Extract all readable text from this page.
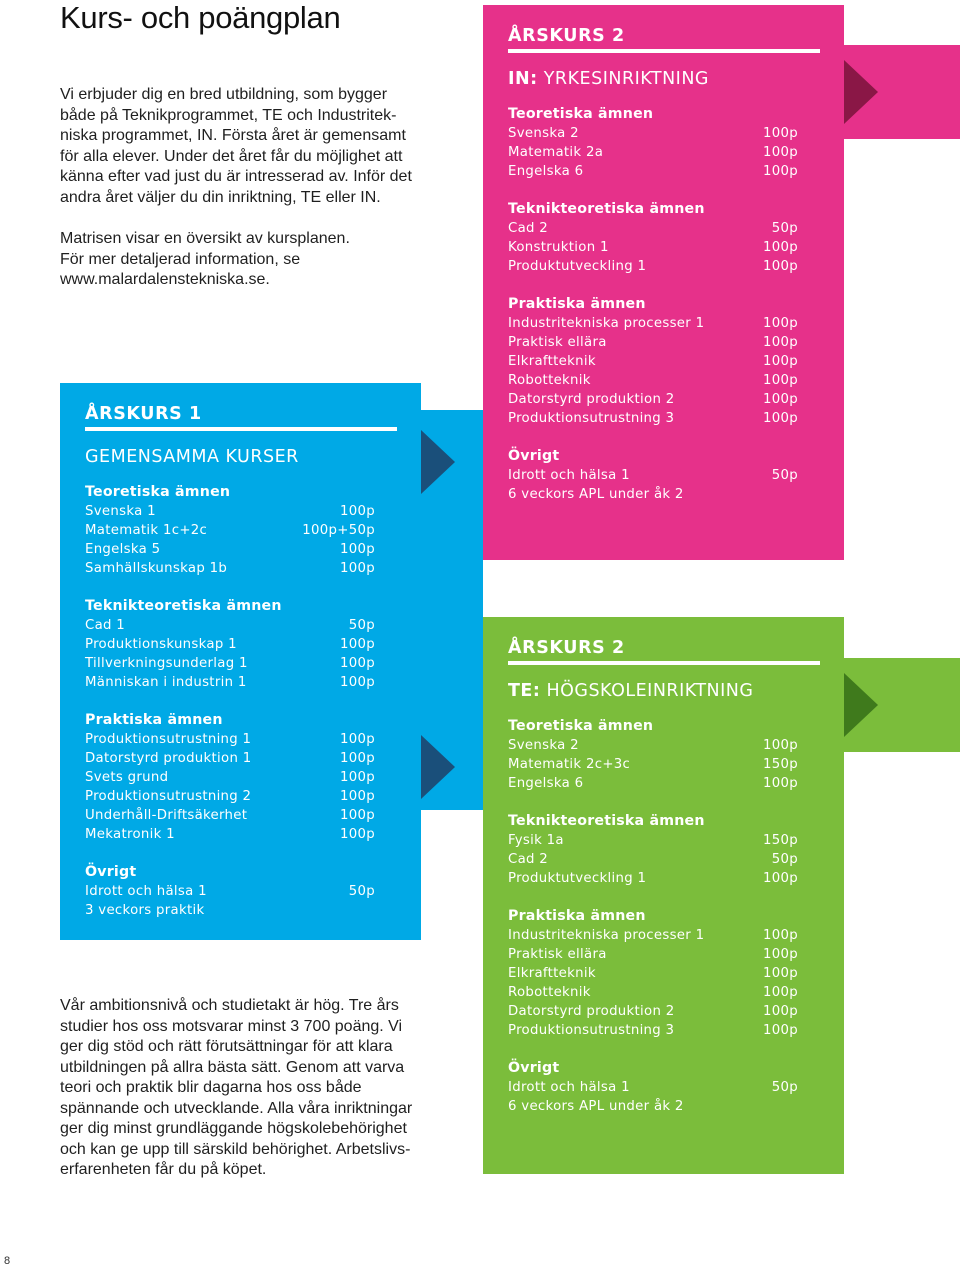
Kurs- och poängplan

Vi erbjuder dig en bred utbildning, som bygger

både på Teknikprogrammet, TE och Industritek-

niska programmet, IN. Första året är gemensamt

för alla elever. Under det året får du möjlighet att

känna efter vad just du är intresserad av. Inför det

andra året väljer du din inriktning, TE eller IN.

Matrisen visar en översikt av kursplanen.

För mer detaljerad information, se

www.malardalenstekniska.se.

ÅRSKURS 1
GEMENSAMMA KURSER
Teoretiska ämnen
Svenska 1	100p
Matematik 1c+2c	100p+50p
Engelska 5	100p
Samhällskunskap 1b	100p
Teknikteoretiska ämnen
Cad 1	50p
Produktionskunskap 1	100p
Tillverkningsunderlag 1	100p
Människan i industrin 1	100p
Praktiska ämnen
Produktionsutrustning 1	100p
Datorstyrd produktion 1	100p
Svets grund	100p
Produktionsutrustning 2	100p
Underhåll-Driftsäkerhet	100p
Mekatronik 1	100p
Övrigt
Idrott och hälsa 1	50p
3 veckors praktik
ÅRSKURS 2
IN: YRKESINRIKTNING
Teoretiska ämnen
Svenska 2	100p
Matematik 2a	100p
Engelska 6	100p
Teknikteoretiska ämnen
Cad 2	50p
Konstruktion 1	100p
Produktutveckling 1	100p
Praktiska ämnen
Industritekniska processer 1	100p
Praktisk ellära	100p
Elkraftteknik	100p
Robotteknik	100p
Datorstyrd produktion 2	100p
Produktionsutrustning 3	100p
Övrigt
Idrott och hälsa 1	50p
6 veckors APL under åk 2
ÅRSKURS 2
TE: HÖGSKOLEINRIKTNING
Teoretiska ämnen
Svenska 2	100p
Matematik 2c+3c	150p
Engelska 6	100p
Teknikteoretiska ämnen
Fysik 1a	150p
Cad 2	50p
Produktutveckling 1	100p
Praktiska ämnen
Industritekniska processer 1	100p
Praktisk ellära	100p
Elkraftteknik	100p
Robotteknik	100p
Datorstyrd produktion 2	100p
Produktionsutrustning 3	100p
Övrigt
Idrott och hälsa 1	50p
6 veckors APL under åk 2

Vår ambitionsnivå och studietakt är hög. Tre års

studier hos oss motsvarar minst 3 700 poäng. Vi

ger dig stöd och rätt förutsättningar för att klara

utbildningen på allra bästa sätt. Genom att varva

teori och praktik blir dagarna hos oss både

spännande och utvecklande. Alla våra inriktningar

ger dig minst grundläggande högskolebehörighet

och kan ge upp till särskild behörighet. Arbetslivs-

erfarenheten får du på köpet.

8
